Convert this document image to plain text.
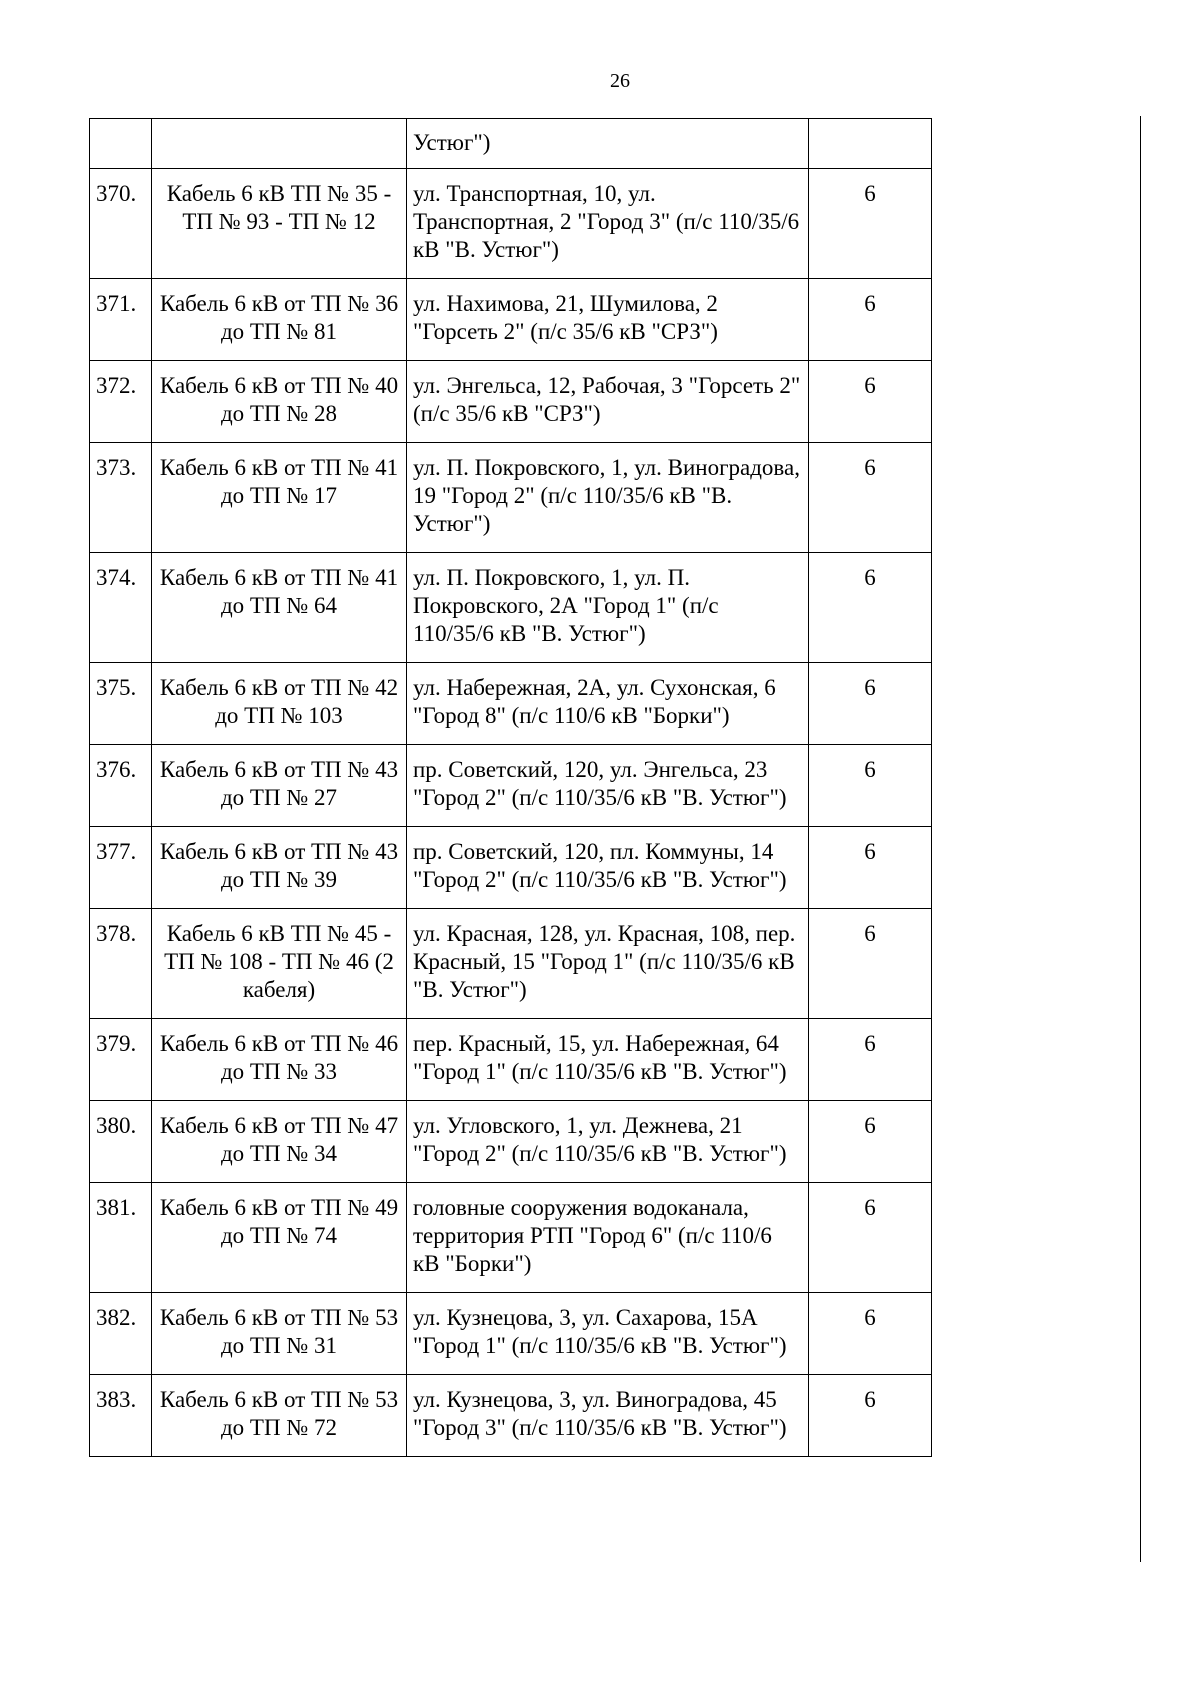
26
		Устюг")	
370.	Кабель 6 кВ ТП № 35 - ТП № 93 - ТП № 12	ул. Транспортная, 10, ул. Транспортная, 2 "Город 3" (п/с 110/35/6 кВ "В. Устюг")	6
371.	Кабель 6 кВ от ТП № 36 до ТП № 81	ул. Нахимова, 21, Шумилова, 2 "Горсеть 2" (п/с 35/6 кВ "СРЗ")	6
372.	Кабель 6 кВ от ТП № 40 до ТП № 28	ул. Энгельса, 12, Рабочая, 3 "Горсеть 2" (п/с 35/6 кВ "СРЗ")	6
373.	Кабель 6 кВ от ТП № 41 до ТП № 17	ул. П. Покровского, 1, ул. Виноградова, 19 "Город 2" (п/с 110/35/6 кВ "В. Устюг")	6
374.	Кабель 6 кВ от ТП № 41 до ТП № 64	ул. П. Покровского, 1, ул. П. Покровского, 2А "Город 1" (п/с 110/35/6 кВ "В. Устюг")	6
375.	Кабель 6 кВ от ТП № 42 до ТП № 103	ул. Набережная, 2А, ул. Сухонская, 6 "Город 8" (п/с 110/6 кВ "Борки")	6
376.	Кабель 6 кВ от ТП № 43 до ТП № 27	пр. Советский, 120, ул. Энгельса, 23 "Город 2" (п/с 110/35/6 кВ "В. Устюг")	6
377.	Кабель 6 кВ от ТП № 43 до ТП № 39	пр. Советский, 120, пл. Коммуны, 14 "Город 2" (п/с 110/35/6 кВ "В. Устюг")	6
378.	Кабель 6 кВ ТП № 45 - ТП № 108 - ТП № 46 (2 кабеля)	ул. Красная, 128, ул. Красная, 108, пер. Красный, 15 "Город 1" (п/с 110/35/6 кВ "В. Устюг")	6
379.	Кабель 6 кВ от ТП № 46 до ТП № 33	пер. Красный, 15, ул. Набережная, 64 "Город 1" (п/с 110/35/6 кВ "В. Устюг")	6
380.	Кабель 6 кВ от ТП № 47 до ТП № 34	ул. Угловского, 1, ул. Дежнева, 21 "Город 2" (п/с 110/35/6 кВ "В. Устюг")	6
381.	Кабель 6 кВ от ТП № 49 до ТП № 74	головные сооружения водоканала, территория РТП "Город 6" (п/с 110/6 кВ "Борки")	6
382.	Кабель 6 кВ от ТП № 53 до ТП № 31	ул. Кузнецова, 3, ул. Сахарова, 15А "Город 1" (п/с 110/35/6 кВ "В. Устюг")	6
383.	Кабель 6 кВ от ТП № 53 до ТП № 72	ул. Кузнецова, 3, ул. Виноградова, 45 "Город 3" (п/с 110/35/6 кВ "В. Устюг")	6
